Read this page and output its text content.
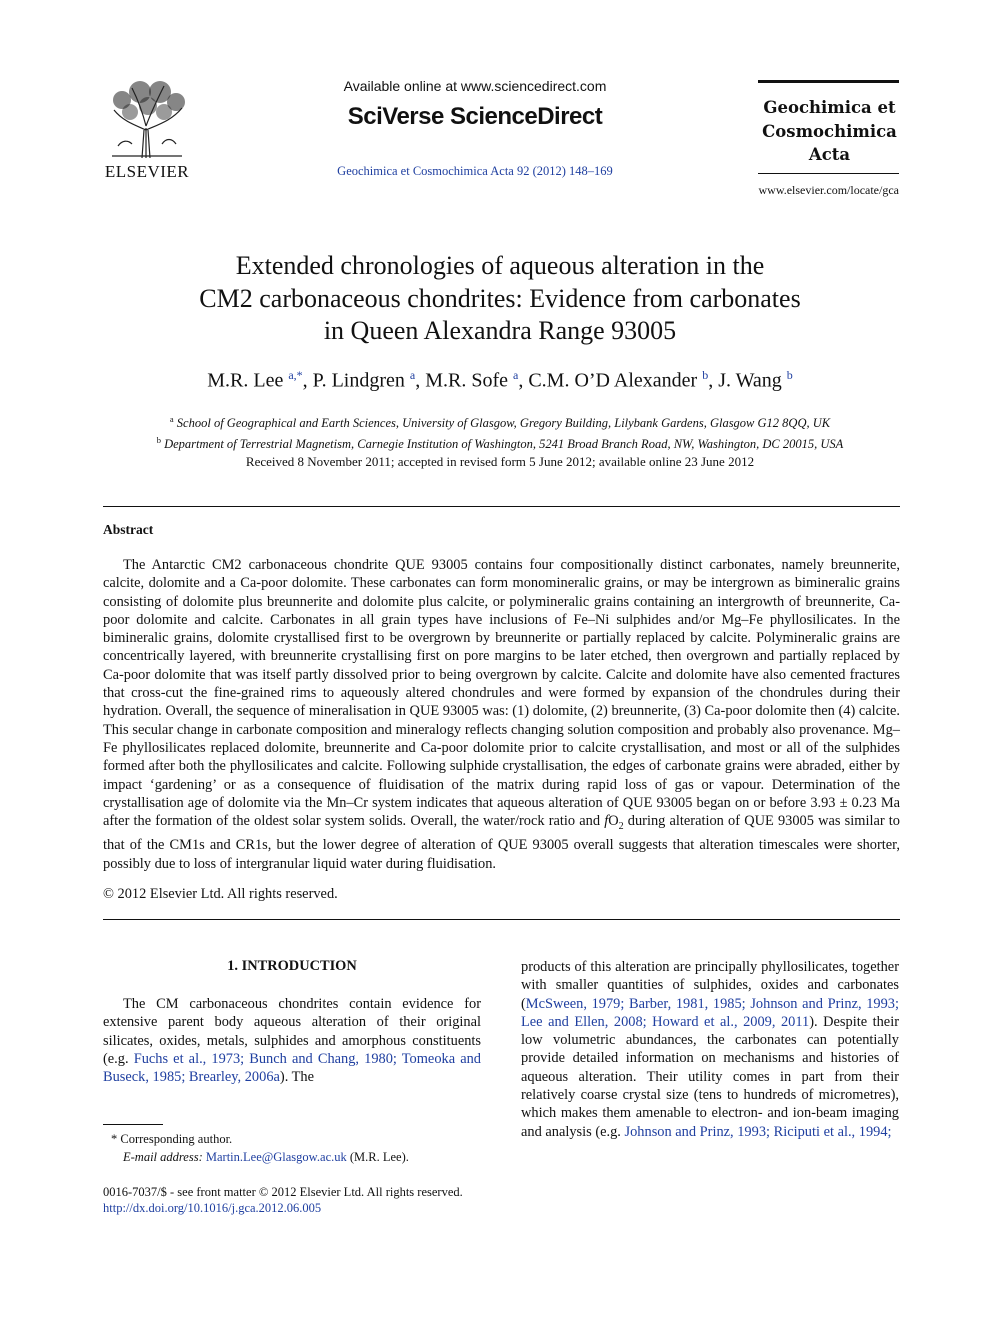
ELSEVIER
Available online at www.sciencedirect.com
SciVerse ScienceDirect
Geochimica et Cosmochimica Acta 92 (2012) 148–169
Geochimica et
Cosmochimica
Acta
www.elsevier.com/locate/gca
Extended chronologies of aqueous alteration in the
CM2 carbonaceous chondrites: Evidence from carbonates
in Queen Alexandra Range 93005
M.R. Lee $^{a,*}$, P. Lindgren $^a$, M.R. Sofe $^a$, C.M. O’D Alexander $^b$, J. Wang $^b$
$^a$ School of Geographical and Earth Sciences, University of Glasgow, Gregory Building, Lilybank Gardens, Glasgow G12 8QQ, UK
$^b$ Department of Terrestrial Magnetism, Carnegie Institution of Washington, 5241 Broad Branch Road, NW, Washington, DC 20015, USA
Received 8 November 2011; accepted in revised form 5 June 2012; available online 23 June 2012
Abstract

The Antarctic CM2 carbonaceous chondrite QUE 93005 contains four compositionally distinct carbonates, namely breunnerite, calcite, dolomite and a Ca-poor dolomite. These carbonates can form monomineralic grains, or may be intergrown as bimineralic grains consisting of dolomite plus breunnerite and dolomite plus calcite, or polymineralic grains containing an intergrowth of breunnerite, Ca-poor dolomite and calcite. Carbonates in all grain types have inclusions of Fe–Ni sulphides and/or Mg–Fe phyllosilicates. In the bimineralic grains, dolomite crystallised first to be overgrown by breunnerite or partially replaced by calcite. Polymineralic grains are concentrically layered, with breunnerite crystallising first on pore margins to be later etched, then overgrown and partially replaced by Ca-poor dolomite that was itself partly dissolved prior to being overgrown by calcite. Calcite and dolomite have also cemented fractures that cross-cut the fine-grained rims to aqueously altered chondrules and were formed by expansion of the chondrules during their hydration. Overall, the sequence of mineralisation in QUE 93005 was: (1) dolomite, (2) breunnerite, (3) Ca-poor dolomite then (4) calcite. This secular change in carbonate composition and mineralogy reflects changing solution composition and probably also provenance. Mg–Fe phyllosilicates replaced dolomite, breunnerite and Ca-poor dolomite prior to calcite crystallisation, and most or all of the sulphides formed after both the phyllosilicates and calcite. Following sulphide crystallisation, the edges of carbonate grains were abraded, either by impact ‘gardening’ or as a consequence of fluidisation of the matrix during rapid loss of gas or vapour. Determination of the crystallisation age of dolomite via the Mn–Cr system indicates that aqueous alteration of QUE 93005 began on or before 3.93 ± 0.23 Ma after the formation of the oldest solar system solids. Overall, the water/rock ratio and $fO_2$ during alteration of QUE 93005 was similar to that of the CM1s and CR1s, but the lower degree of alteration of QUE 93005 overall suggests that alteration timescales were shorter, possibly due to loss of intergranular liquid water during fluidisation.

© 2012 Elsevier Ltd. All rights reserved.
1. INTRODUCTION
The CM carbonaceous chondrites contain evidence for extensive parent body aqueous alteration of their original silicates, oxides, metals, sulphides and amorphous constituents (e.g. Fuchs et al., 1973; Bunch and Chang, 1980; Tomeoka and Buseck, 1985; Brearley, 2006a). The
products of this alteration are principally phyllosilicates, together with smaller quantities of sulphides, oxides and carbonates (McSween, 1979; Barber, 1981, 1985; Johnson and Prinz, 1993; Lee and Ellen, 2008; Howard et al., 2009, 2011). Despite their low volumetric abundances, the carbonates can potentially provide detailed information on mechanisms and histories of aqueous alteration. Their utility comes in part from their relatively coarse crystal size (tens to hundreds of micrometres), which makes them amenable to electron- and ion-beam imaging and analysis (e.g. Johnson and Prinz, 1993; Riciputi et al., 1994;
* Corresponding author.
E-mail address: Martin.Lee@Glasgow.ac.uk (M.R. Lee).
0016-7037/$ - see front matter © 2012 Elsevier Ltd. All rights reserved.
http://dx.doi.org/10.1016/j.gca.2012.06.005
